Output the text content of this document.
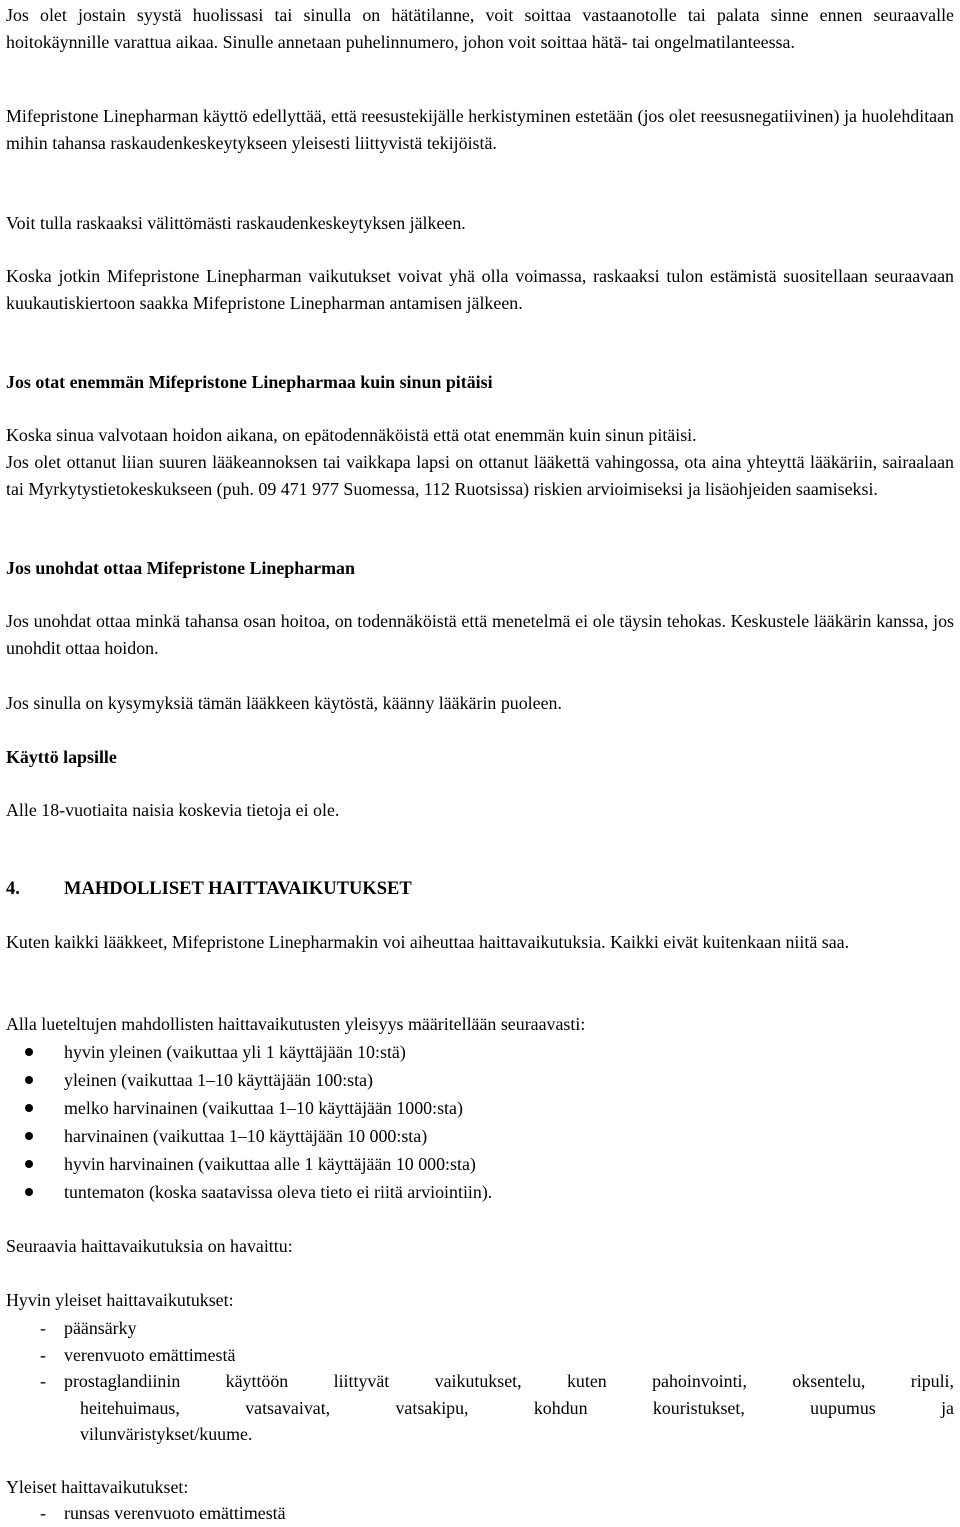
Jos olet jostain syystä huolissasi tai sinulla on hätätilanne, voit soittaa vastaanotolle tai palata sinne ennen seuraavalle hoitokäynnille varattua aikaa. Sinulle annetaan puhelinnumero, johon voit soittaa hätä- tai ongelmatilanteessa.

Mifepristone Linepharman käyttö edellyttää, että reesustekijälle herkistyminen estetään (jos olet reesusnegatiivinen) ja huolehditaan mihin tahansa raskaudenkeskeytykseen yleisesti liittyvistä tekijöistä.

Voit tulla raskaaksi välittömästi raskaudenkeskeytyksen jälkeen.

Koska jotkin Mifepristone Linepharman vaikutukset voivat yhä olla voimassa, raskaaksi tulon estämistä suositellaan seuraavaan kuukautiskiertoon saakka Mifepristone Linepharman antamisen jälkeen.

Jos otat enemmän Mifepristone Linepharmaa kuin sinun pitäisi

Koska sinua valvotaan hoidon aikana, on epätodennäköistä että otat enemmän kuin sinun pitäisi.

Jos olet ottanut liian suuren lääkeannoksen tai vaikkapa lapsi on ottanut lääkettä vahingossa, ota aina yhteyttä lääkäriin, sairaalaan tai Myrkytystietokeskukseen (puh. 09 471 977 Suomessa, 112 Ruotsissa) riskien arvioimiseksi ja lisäohjeiden saamiseksi.

Jos unohdat ottaa Mifepristone Linepharman

Jos unohdat ottaa minkä tahansa osan hoitoa, on todennäköistä että menetelmä ei ole täysin tehokas. Keskustele lääkärin kanssa, jos unohdit ottaa hoidon.

Jos sinulla on kysymyksiä tämän lääkkeen käytöstä, käänny lääkärin puoleen.

Käyttö lapsille

Alle 18-vuotiaita naisia koskevia tietoja ei ole.

4. MAHDOLLISET HAITTAVAIKUTUKSET

Kuten kaikki lääkkeet, Mifepristone Linepharmakin voi aiheuttaa haittavaikutuksia. Kaikki eivät kuitenkaan niitä saa.

Alla lueteltujen mahdollisten haittavaikutusten yleisyys määritellään seuraavasti:

hyvin yleinen (vaikuttaa yli 1 käyttäjään 10:stä)
yleinen (vaikuttaa 1–10 käyttäjään 100:sta)
melko harvinainen (vaikuttaa 1–10 käyttäjään 1000:sta)
harvinainen (vaikuttaa 1–10 käyttäjään 10 000:sta)
hyvin harvinainen (vaikuttaa alle 1 käyttäjään 10 000:sta)
tuntematon (koska saatavissa oleva tieto ei riitä arviointiin).

Seuraavia haittavaikutuksia on havaittu:

Hyvin yleiset haittavaikutukset:

- päänsärky
- verenvuoto emättimestä
- prostaglandiinin käyttöön liittyvät vaikutukset, kuten pahoinvointi, oksentelu, ripuli,
heitehuimaus, vatsavaivat, vatsakipu, kohdun kouristukset, uupumus ja
vilunväristykset/kuume.

Yleiset haittavaikutukset:

- runsas verenvuoto emättimestä
